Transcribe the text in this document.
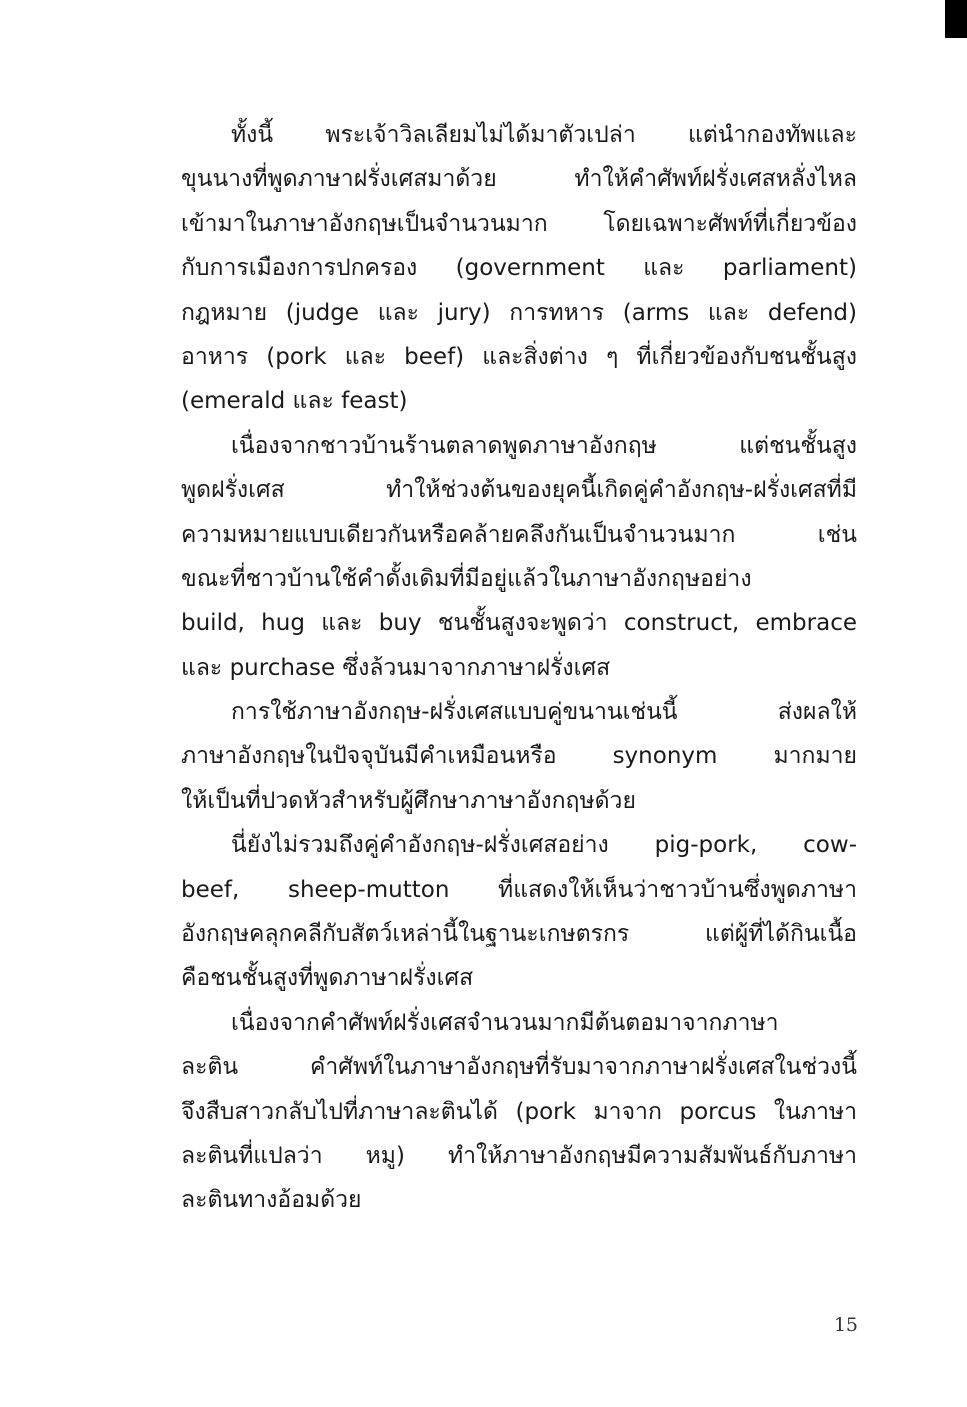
ทั้งนี้ พระเจ้าวิลเลียมไม่ได้มาตัวเปล่า แต่นำกองทัพและ
ขุนนางที่พูดภาษาฝรั่งเศสมาด้วย ทำให้คำศัพท์ฝรั่งเศสหลั่งไหล
เข้ามาในภาษาอังกฤษเป็นจำนวนมาก โดยเฉพาะศัพท์ที่เกี่ยวข้อง
กับการเมืองการปกครอง (government และ parliament)
กฎหมาย (judge และ jury) การทหาร (arms และ defend)
อาหาร (pork และ beef) และสิ่งต่าง ๆ ที่เกี่ยวข้องกับชนชั้นสูง
(emerald และ feast)

เนื่องจากชาวบ้านร้านตลาดพูดภาษาอังกฤษ แต่ชนชั้นสูง
พูดฝรั่งเศส ทำให้ช่วงต้นของยุคนี้เกิดคู่คำอังกฤษ-ฝรั่งเศสที่มี
ความหมายแบบเดียวกันหรือคล้ายคลึงกันเป็นจำนวนมาก เช่น
ขณะที่ชาวบ้านใช้คำดั้งเดิมที่มีอยู่แล้วในภาษาอังกฤษอย่าง
build, hug และ buy ชนชั้นสูงจะพูดว่า construct, embrace
และ purchase ซึ่งล้วนมาจากภาษาฝรั่งเศส

การใช้ภาษาอังกฤษ-ฝรั่งเศสแบบคู่ขนานเช่นนี้ ส่งผลให้
ภาษาอังกฤษในปัจจุบันมีคำเหมือนหรือ synonym มากมาย
ให้เป็นที่ปวดหัวสำหรับผู้ศึกษาภาษาอังกฤษด้วย

นี่ยังไม่รวมถึงคู่คำอังกฤษ-ฝรั่งเศสอย่าง pig-pork, cow-
beef, sheep-mutton ที่แสดงให้เห็นว่าชาวบ้านซึ่งพูดภาษา
อังกฤษคลุกคลีกับสัตว์เหล่านี้ในฐานะเกษตรกร แต่ผู้ที่ได้กินเนื้อ
คือชนชั้นสูงที่พูดภาษาฝรั่งเศส

เนื่องจากคำศัพท์ฝรั่งเศสจำนวนมากมีต้นตอมาจากภาษา
ละติน คำศัพท์ในภาษาอังกฤษที่รับมาจากภาษาฝรั่งเศสในช่วงนี้
จึงสืบสาวกลับไปที่ภาษาละตินได้ (pork มาจาก porcus ในภาษา
ละตินที่แปลว่า หมู) ทำให้ภาษาอังกฤษมีความสัมพันธ์กับภาษา
ละตินทางอ้อมด้วย

15
